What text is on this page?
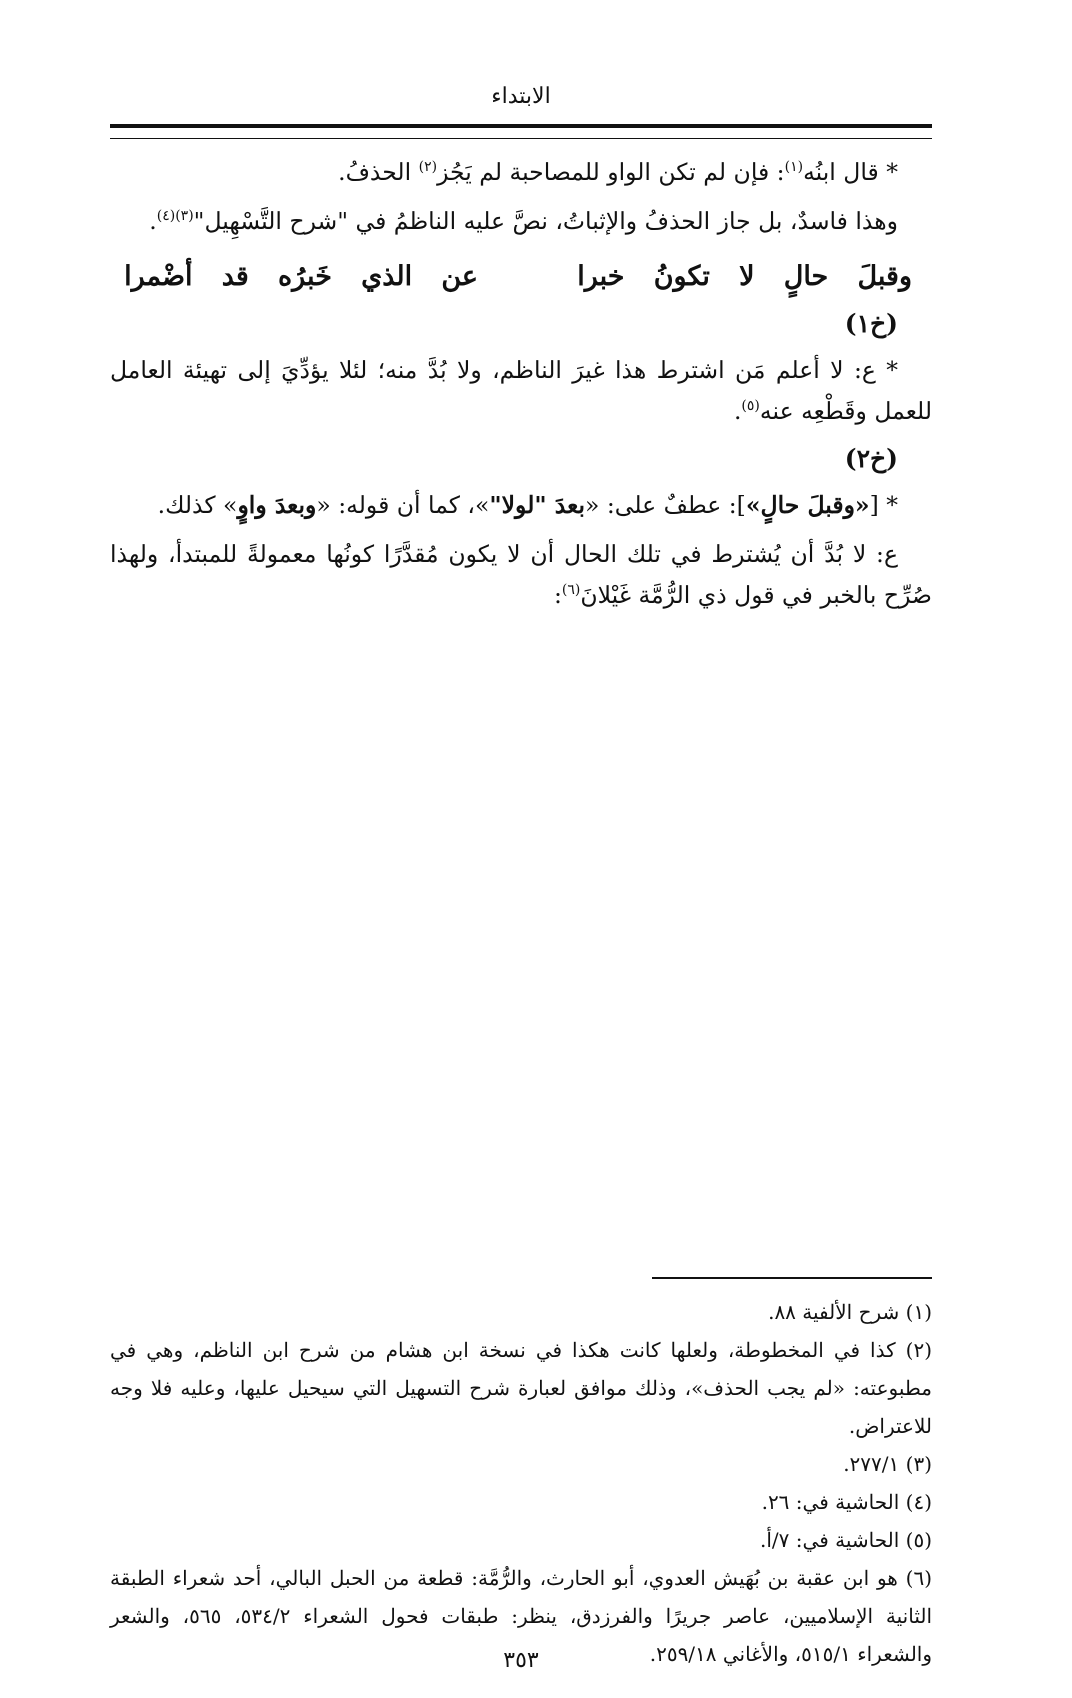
الابتداء

* قال ابنُه$^{(١)}$: فإن لم تكن الواو للمصاحبة لم يَجُز$^{(٢)}$ الحذفُ.

وهذا فاسدٌ، بل جاز الحذفُ والإثباتُ، نصَّ عليه الناظمُ في "شرح التَّسْهِيل"$^{(٣)(٤)}$.

وقبلَ
حالٍ
لا
تكونُ
خبرا
عن
الذي
خَبرُه
قد
أضْمرا

(خ١)

* ع: لا أعلم مَن اشترط هذا غيرَ الناظم، ولا بُدَّ منه؛ لئلا يؤدِّيَ إلى تهيئة العامل للعمل وقَطْعِه عنه$^{(٥)}$.

(خ٢)

* [«وقبلَ حالٍ»]: عطفٌ على: «بعدَ "لولا"»، كما أن قوله: «وبعدَ واوٍ» كذلك.

ع: لا بُدَّ أن يُشترط في تلك الحال أن لا يكون مُقدَّرًا كونُها معمولةً للمبتدأ، ولهذا صُرِّح بالخبر في قول ذي الرُّمَّة غَيْلانَ$^{(٦)}$:

(١) شرح الألفية ٨٨.

(٢) كذا في المخطوطة، ولعلها كانت هكذا في نسخة ابن هشام من شرح ابن الناظم، وهي في مطبوعته: «لم يجب الحذف»، وذلك موافق لعبارة شرح التسهيل التي سيحيل عليها، وعليه فلا وجه للاعتراض.

(٣) ٢٧٧/١.

(٤) الحاشية في: ٢٦.

(٥) الحاشية في: ٧/أ.

(٦) هو ابن عقبة بن بُهَيش العدوي، أبو الحارث، والرُّمَّة: قطعة من الحبل البالي، أحد شعراء الطبقة الثانية الإسلاميين، عاصر جريرًا والفرزدق، ينظر: طبقات فحول الشعراء ٥٣٤/٢، ٥٦٥، والشعر والشعراء ٥١٥/١، والأغاني ٢٥٩/١٨.

٣٥٣
